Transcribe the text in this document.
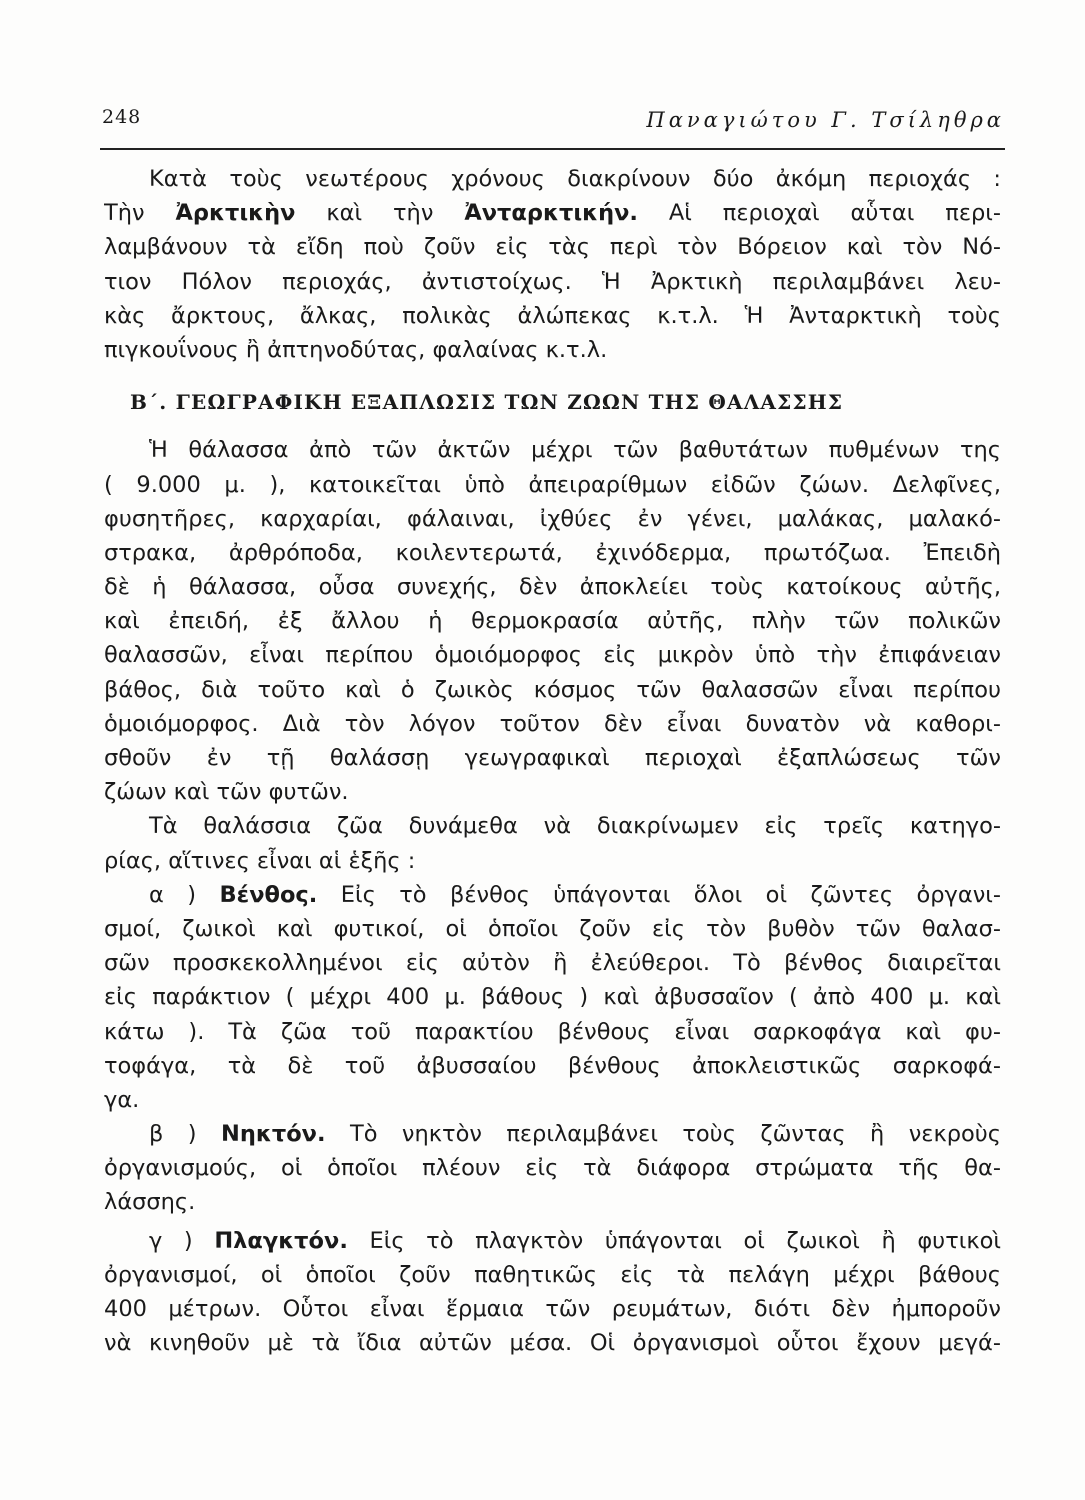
248	Παναγιώτου Γ. Τσίληθρα
Κατὰ τοὺς νεωτέρους χρόνους διακρίνουν δύο ἀκόμη περιοχάς :
Τὴν Ἀρκτικὴν καὶ τὴν Ἀνταρκτικήν. Αἱ περιοχαὶ αὗται περι-
λαμβάνουν τὰ εἴδη ποὺ ζοῦν εἰς τὰς περὶ τὸν Βόρειον καὶ τὸν Νό-
τιον Πόλον περιοχάς, ἀντιστοίχως. Ἡ Ἀρκτικὴ περιλαμβάνει λευ-
κὰς ἄρκτους, ἄλκας, πολικὰς ἀλώπεκας κ.τ.λ. Ἡ Ἀνταρκτικὴ τοὺς
πιγκουΐνους ἢ ἀπτηνοδύτας, φαλαίνας κ.τ.λ.
Β΄. ΓΕΩΓΡΑΦΙΚΗ ΕΞΑΠΛΩΣΙΣ ΤΩΝ ΖΩΩΝ ΤΗΣ ΘΑΛΑΣΣΗΣ
Ἡ θάλασσα ἀπὸ τῶν ἀκτῶν μέχρι τῶν βαθυτάτων πυθμένων της
( 9.000 μ. ), κατοικεῖται ὑπὸ ἀπειραρίθμων εἰδῶν ζώων. Δελφῖνες,
φυσητῆρες, καρχαρίαι, φάλαιναι, ἰχθύες ἐν γένει, μαλάκας, μαλακό-
στρακα, ἀρθρόποδα, κοιλεντερωτά, ἐχινόδερμα, πρωτόζωα. Ἐπειδὴ
δὲ ἡ θάλασσα, οὖσα συνεχής, δὲν ἀποκλείει τοὺς κατοίκους αὐτῆς,
καὶ ἐπειδή, ἐξ ἄλλου ἡ θερμοκρασία αὐτῆς, πλὴν τῶν πολικῶν
θαλασσῶν, εἶναι περίπου ὁμοιόμορφος εἰς μικρὸν ὑπὸ τὴν ἐπιφάνειαν
βάθος, διὰ τοῦτο καὶ ὁ ζωικὸς κόσμος τῶν θαλασσῶν εἶναι περίπου
ὁμοιόμορφος. Διὰ τὸν λόγον τοῦτον δὲν εἶναι δυνατὸν νὰ καθορι-
σθοῦν ἐν τῇ θαλάσσῃ γεωγραφικαὶ περιοχαὶ ἐξαπλώσεως τῶν
ζώων καὶ τῶν φυτῶν.
Τὰ θαλάσσια ζῶα δυνάμεθα νὰ διακρίνωμεν εἰς τρεῖς κατηγο-
ρίας, αἵτινες εἶναι αἱ ἑξῆς :
α ) Βένθος. Εἰς τὸ βένθος ὑπάγονται ὅλοι οἱ ζῶντες ὀργανι-
σμοί, ζωικοὶ καὶ φυτικοί, οἱ ὁποῖοι ζοῦν εἰς τὸν βυθὸν τῶν θαλασ-
σῶν προσκεκολλημένοι εἰς αὐτὸν ἢ ἐλεύθεροι. Τὸ βένθος διαιρεῖται
εἰς παράκτιον ( μέχρι 400 μ. βάθους ) καὶ ἀβυσσαῖον ( ἀπὸ 400 μ. καὶ
κάτω ). Τὰ ζῶα τοῦ παρακτίου βένθους εἶναι σαρκοφάγα καὶ φυ-
τοφάγα, τὰ δὲ τοῦ ἀβυσσαίου βένθους ἀποκλειστικῶς σαρκοφά-
γα.
β ) Νηκτόν. Τὸ νηκτὸν περιλαμβάνει τοὺς ζῶντας ἢ νεκροὺς
ὀργανισμούς, οἱ ὁποῖοι πλέουν εἰς τὰ διάφορα στρώματα τῆς θα-
λάσσης.
γ ) Πλαγκτόν. Εἰς τὸ πλαγκτὸν ὑπάγονται οἱ ζωικοὶ ἢ φυτικοὶ
ὀργανισμοί, οἱ ὁποῖοι ζοῦν παθητικῶς εἰς τὰ πελάγη μέχρι βάθους
400 μέτρων. Οὗτοι εἶναι ἕρμαια τῶν ρευμάτων, διότι δὲν ἠμποροῦν
νὰ κινηθοῦν μὲ τὰ ἴδια αὐτῶν μέσα. Οἱ ὀργανισμοὶ οὗτοι ἔχουν μεγά-
